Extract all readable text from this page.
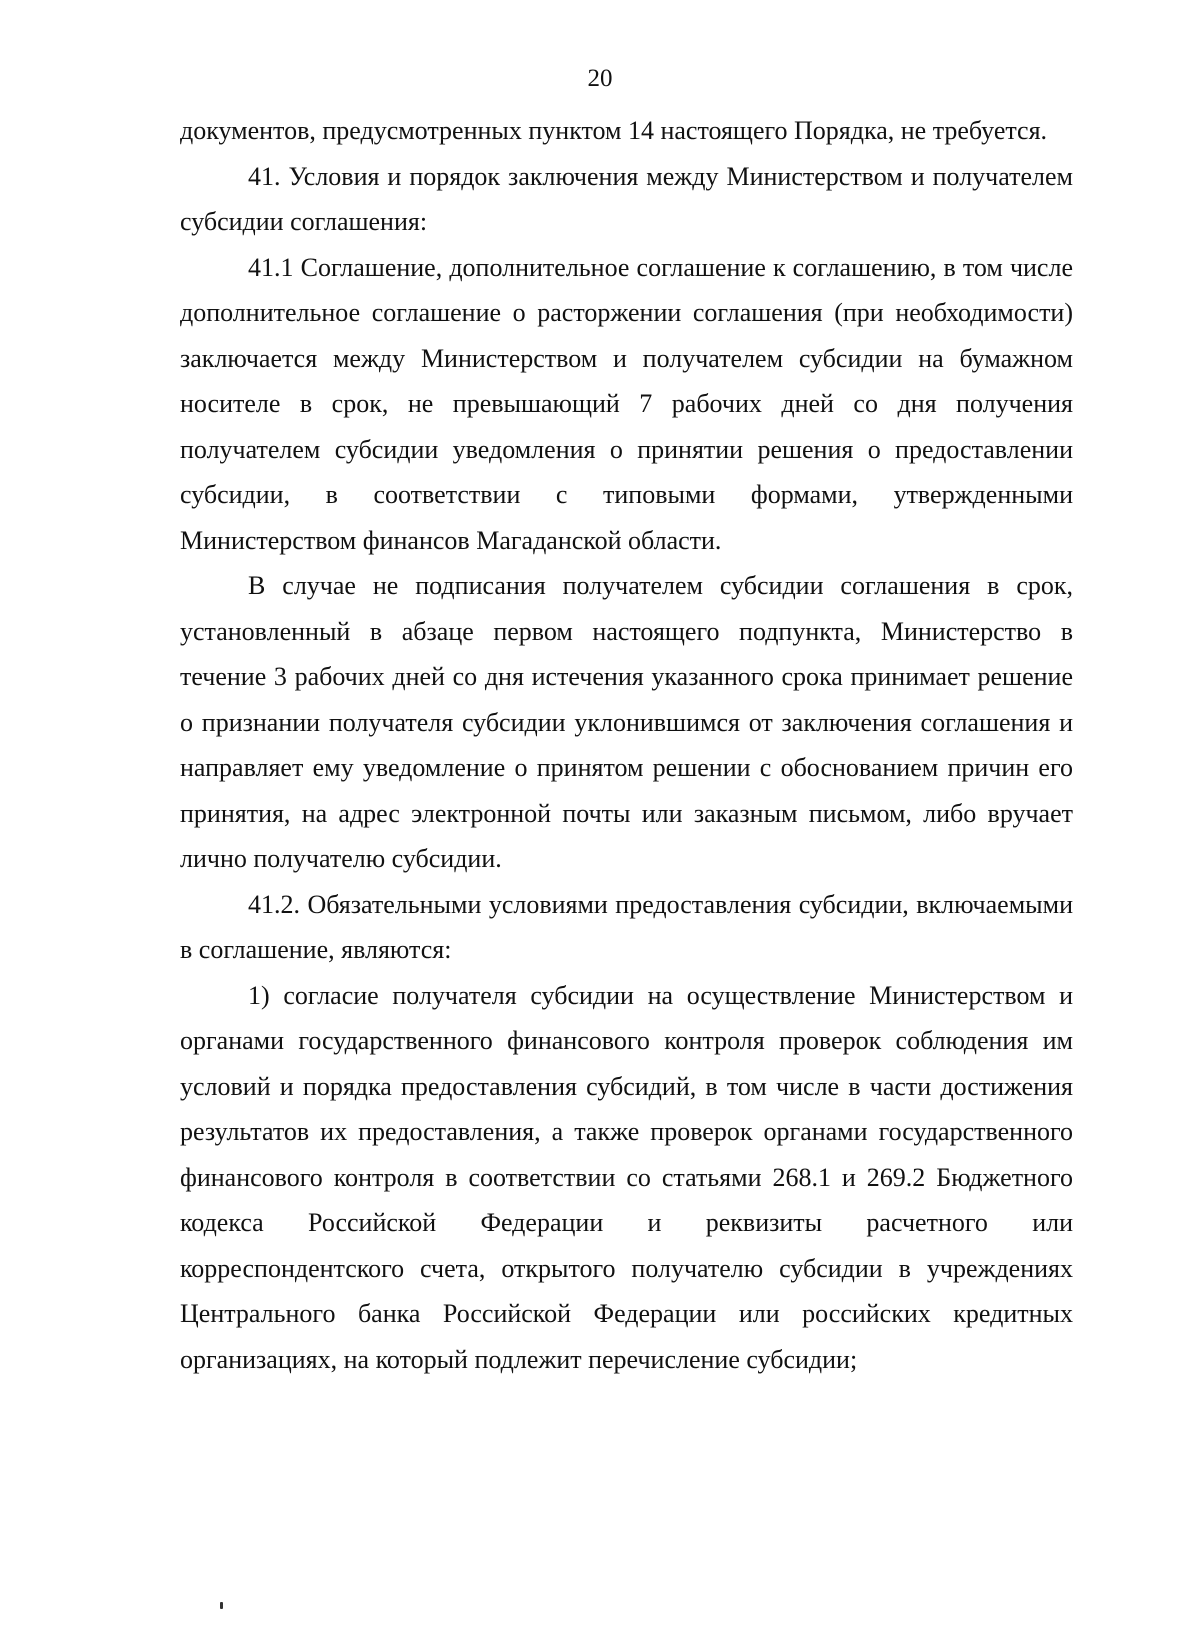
20

документов, предусмотренных пунктом 14 настоящего Порядка, не требуется.

41. Условия и порядок заключения между Министерством и получателем субсидии соглашения:

41.1 Соглашение, дополнительное соглашение к соглашению, в том числе дополнительное соглашение о расторжении соглашения (при необходимости) заключается между Министерством и получателем субсидии на бумажном носителе в срок, не превышающий 7 рабочих дней со дня получения получателем субсидии уведомления о принятии решения о предоставлении субсидии, в соответствии с типовыми формами, утвержденными Министерством финансов Магаданской области.

В случае не подписания получателем субсидии соглашения в срок, установленный в абзаце первом настоящего подпункта, Министерство в течение 3 рабочих дней со дня истечения указанного срока принимает решение о признании получателя субсидии уклонившимся от заключения соглашения и направляет ему уведомление о принятом решении с обоснованием причин его принятия, на адрес электронной почты или заказным письмом, либо вручает лично получателю субсидии.

41.2. Обязательными условиями предоставления субсидии, включаемыми в соглашение, являются:

1) согласие получателя субсидии на осуществление Министерством и органами государственного финансового контроля проверок соблюдения им условий и порядка предоставления субсидий, в том числе в части достижения результатов их предоставления, а также проверок органами государственного финансового контроля в соответствии со статьями 268.1 и 269.2 Бюджетного кодекса Российской Федерации и реквизиты расчетного или корреспондентского счета, открытого получателю субсидии в учреждениях Центрального банка Российской Федерации или российских кредитных организациях, на который подлежит перечисление субсидии;
